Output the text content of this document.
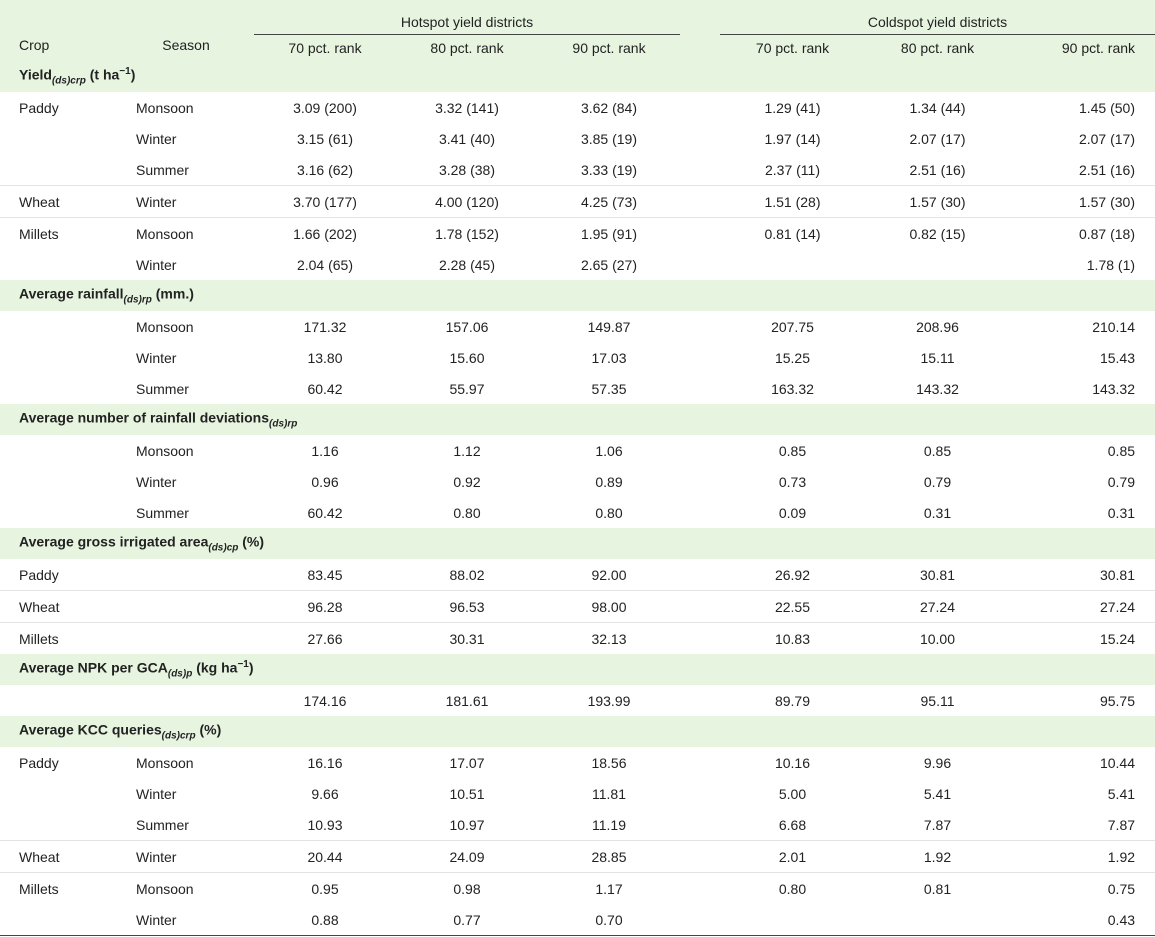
Crop	Season	Hotspot yield districts				Coldspot yield districts		
		70 pct. rank	80 pct. rank	90 pct. rank		70 pct. rank	80 pct. rank	90 pct. rank
Yield$_{(ds)crp}$ (t $ha^{-1}$)								
Paddy	Monsoon	3.09 (200)	3.32 (141)	3.62 (84)		1.29 (41)	1.34 (44)	1.45 (50)
	Winter	3.15 (61)	3.41 (40)	3.85 (19)		1.97 (14)	2.07 (17)	2.07 (17)
	Summer	3.16 (62)	3.28 (38)	3.33 (19)		2.37 (11)	2.51 (16)	2.51 (16)
Wheat	Winter	3.70 (177)	4.00 (120)	4.25 (73)		1.51 (28)	1.57 (30)	1.57 (30)
Millets	Monsoon	1.66 (202)	1.78 (152)	1.95 (91)		0.81 (14)	0.82 (15)	0.87 (18)
	Winter	2.04 (65)	2.28 (45)	2.65 (27)				1.78 (1)
Average rainfall$_{(ds)rp}$ (mm.)								
	Monsoon	171.32	157.06	149.87		207.75	208.96	210.14
	Winter	13.80	15.60	17.03		15.25	15.11	15.43
	Summer	60.42	55.97	57.35		163.32	143.32	143.32
Average number of rainfall deviations$_{(ds)rp}$
	Monsoon	1.16	1.12	1.06		0.85	0.85	0.85
	Winter	0.96	0.92	0.89		0.73	0.79	0.79
	Summer	60.42	0.80	0.80		0.09	0.31	0.31
Average gross irrigated area$_{(ds)cp}$ (%)								
Paddy		83.45	88.02	92.00		26.92	30.81	30.81
Wheat		96.28	96.53	98.00		22.55	27.24	27.24
Millets		27.66	30.31	32.13		10.83	10.00	15.24
Average NPK per $GCA_{(ds)p}$ (kg $ha^{-1}$)								
		174.16	181.61	193.99		89.79	95.11	95.75
Average KCC queries$_{(ds)crp}$ (%)								
Paddy	Monsoon	16.16	17.07	18.56		10.16	9.96	10.44
	Winter	9.66	10.51	11.81		5.00	5.41	5.41
	Summer	10.93	10.97	11.19		6.68	7.87	7.87
Wheat	Winter	20.44	24.09	28.85		2.01	1.92	1.92
Millets	Monsoon	0.95	0.98	1.17		0.80	0.81	0.75
	Winter	0.88	0.77	0.70				0.43
